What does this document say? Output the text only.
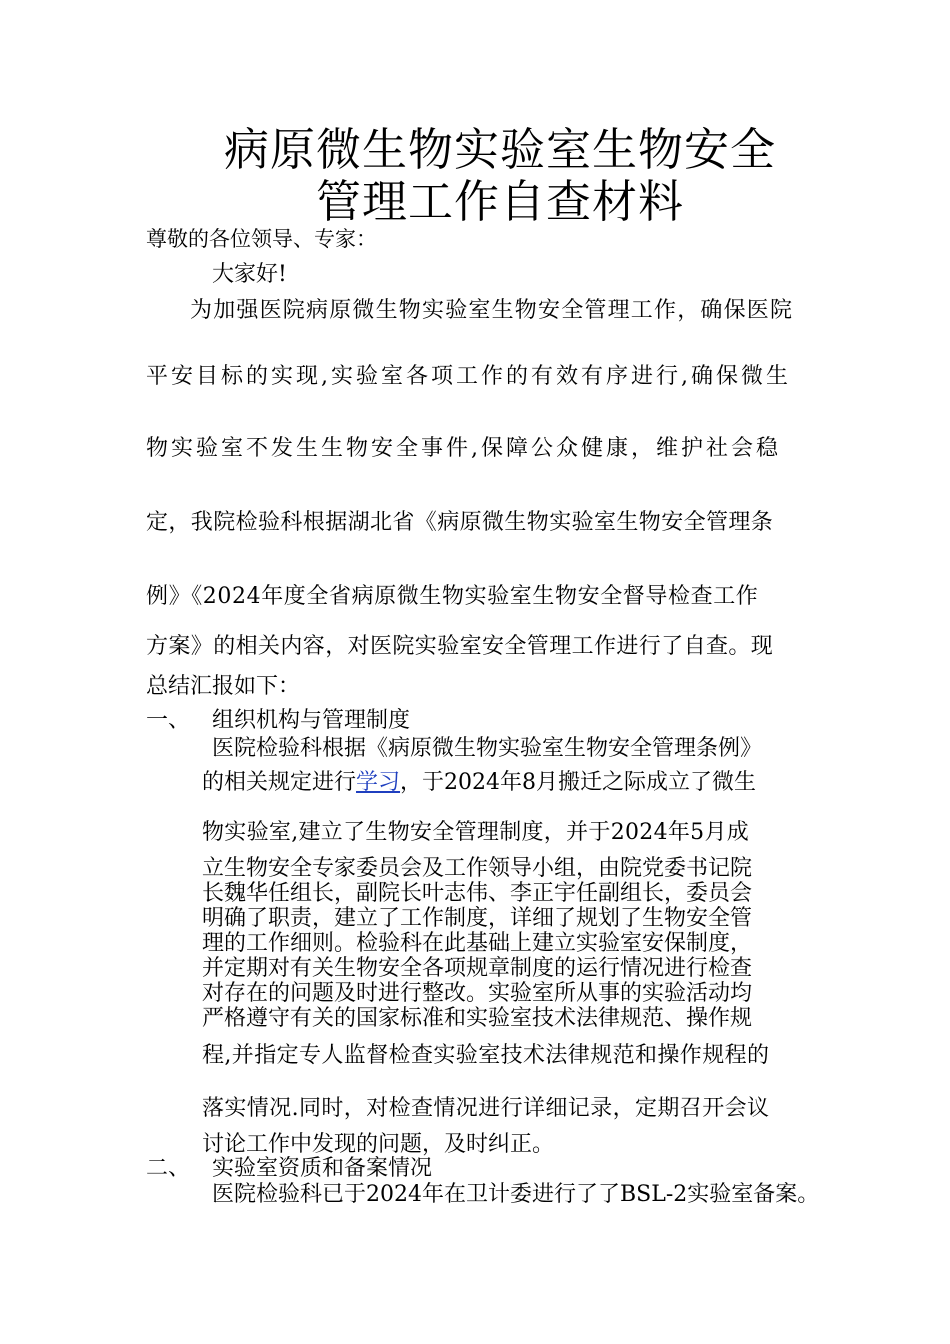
病原微生物实验室生物安全
管理工作自查材料
尊敬的各位领导、专家：
大家好!
为加强医院病原微生物实验室生物安全管理工作，确保医院
平安目标的实现,实验室各项工作的有效有序进行,确保微生
物实验室不发生生物安全事件,保障公众健康，维护社会稳
定，我院检验科根据湖北省《病原微生物实验室生物安全管理条
例》《2024年度全省病原微生物实验室生物安全督导检查工作
方案》的相关内容，对医院实验室安全管理工作进行了自查。现
总结汇报如下：
一、 组织机构与管理制度
医院检验科根据《病原微生物实验室生物安全管理条例》
的相关规定进行学习，于2024年8月搬迁之际成立了微生
物实验室,建立了生物安全管理制度，并于2024年5月成
立生物安全专家委员会及工作领导小组，由院党委书记院
长魏华任组长，副院长叶志伟、李正宇任副组长，委员会
明确了职责，建立了工作制度，详细了规划了生物安全管
理的工作细则。检验科在此基础上建立实验室安保制度，
并定期对有关生物安全各项规章制度的运行情况进行检查
对存在的问题及时进行整改。实验室所从事的实验活动均
严格遵守有关的国家标准和实验室技术法律规范、操作规
程,并指定专人监督检查实验室技术法律规范和操作规程的
落实情况.同时，对检查情况进行详细记录，定期召开会议
讨论工作中发现的问题，及时纠正。
二、 实验室资质和备案情况
医院检验科已于2024年在卫计委进行了了BSL-2实验室备案。
